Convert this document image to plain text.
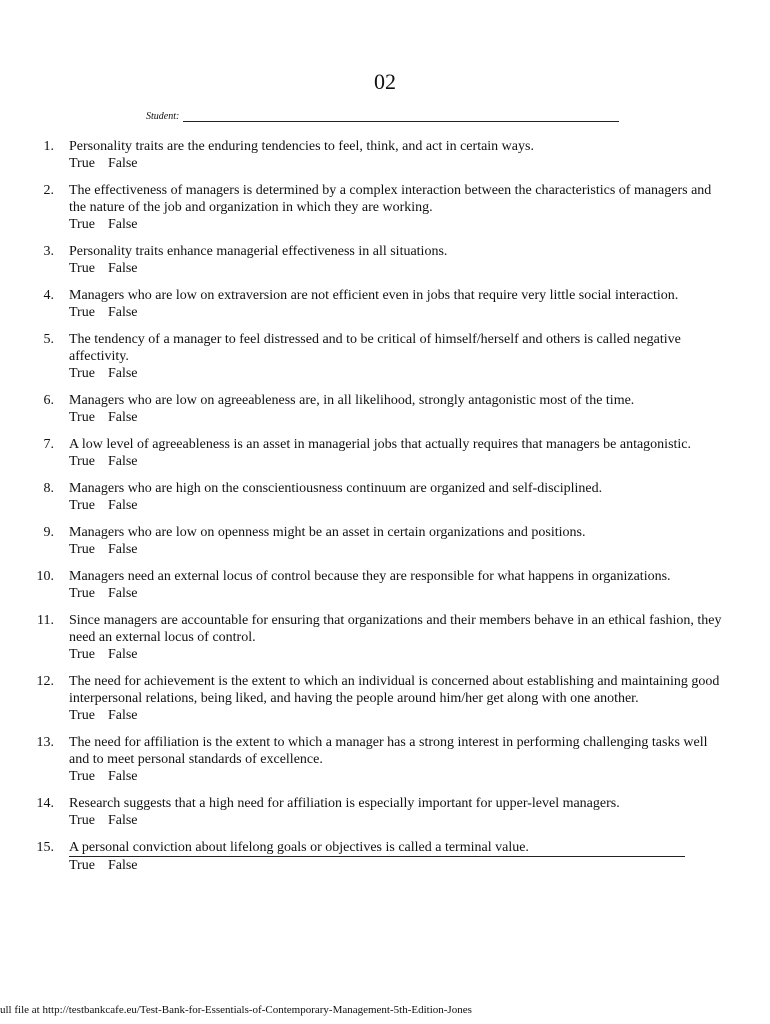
02
Student:
1. Personality traits are the enduring tendencies to feel, think, and act in certain ways.
True False
2. The effectiveness of managers is determined by a complex interaction between the characteristics of managers and the nature of the job and organization in which they are working.
True False
3. Personality traits enhance managerial effectiveness in all situations.
True False
4. Managers who are low on extraversion are not efficient even in jobs that require very little social interaction.
True False
5. The tendency of a manager to feel distressed and to be critical of himself/herself and others is called negative affectivity.
True False
6. Managers who are low on agreeableness are, in all likelihood, strongly antagonistic most of the time.
True False
7. A low level of agreeableness is an asset in managerial jobs that actually requires that managers be antagonistic.
True False
8. Managers who are high on the conscientiousness continuum are organized and self-disciplined.
True False
9. Managers who are low on openness might be an asset in certain organizations and positions.
True False
10. Managers need an external locus of control because they are responsible for what happens in organizations.
True False
11. Since managers are accountable for ensuring that organizations and their members behave in an ethical fashion, they need an external locus of control.
True False
12. The need for achievement is the extent to which an individual is concerned about establishing and maintaining good interpersonal relations, being liked, and having the people around him/her get along with one another.
True False
13. The need for affiliation is the extent to which a manager has a strong interest in performing challenging tasks well and to meet personal standards of excellence.
True False
14. Research suggests that a high need for affiliation is especially important for upper-level managers.
True False
15. A personal conviction about lifelong goals or objectives is called a terminal value.
True False
ull file at http://testbankcafe.eu/Test-Bank-for-Essentials-of-Contemporary-Management-5th-Edition-Jones
